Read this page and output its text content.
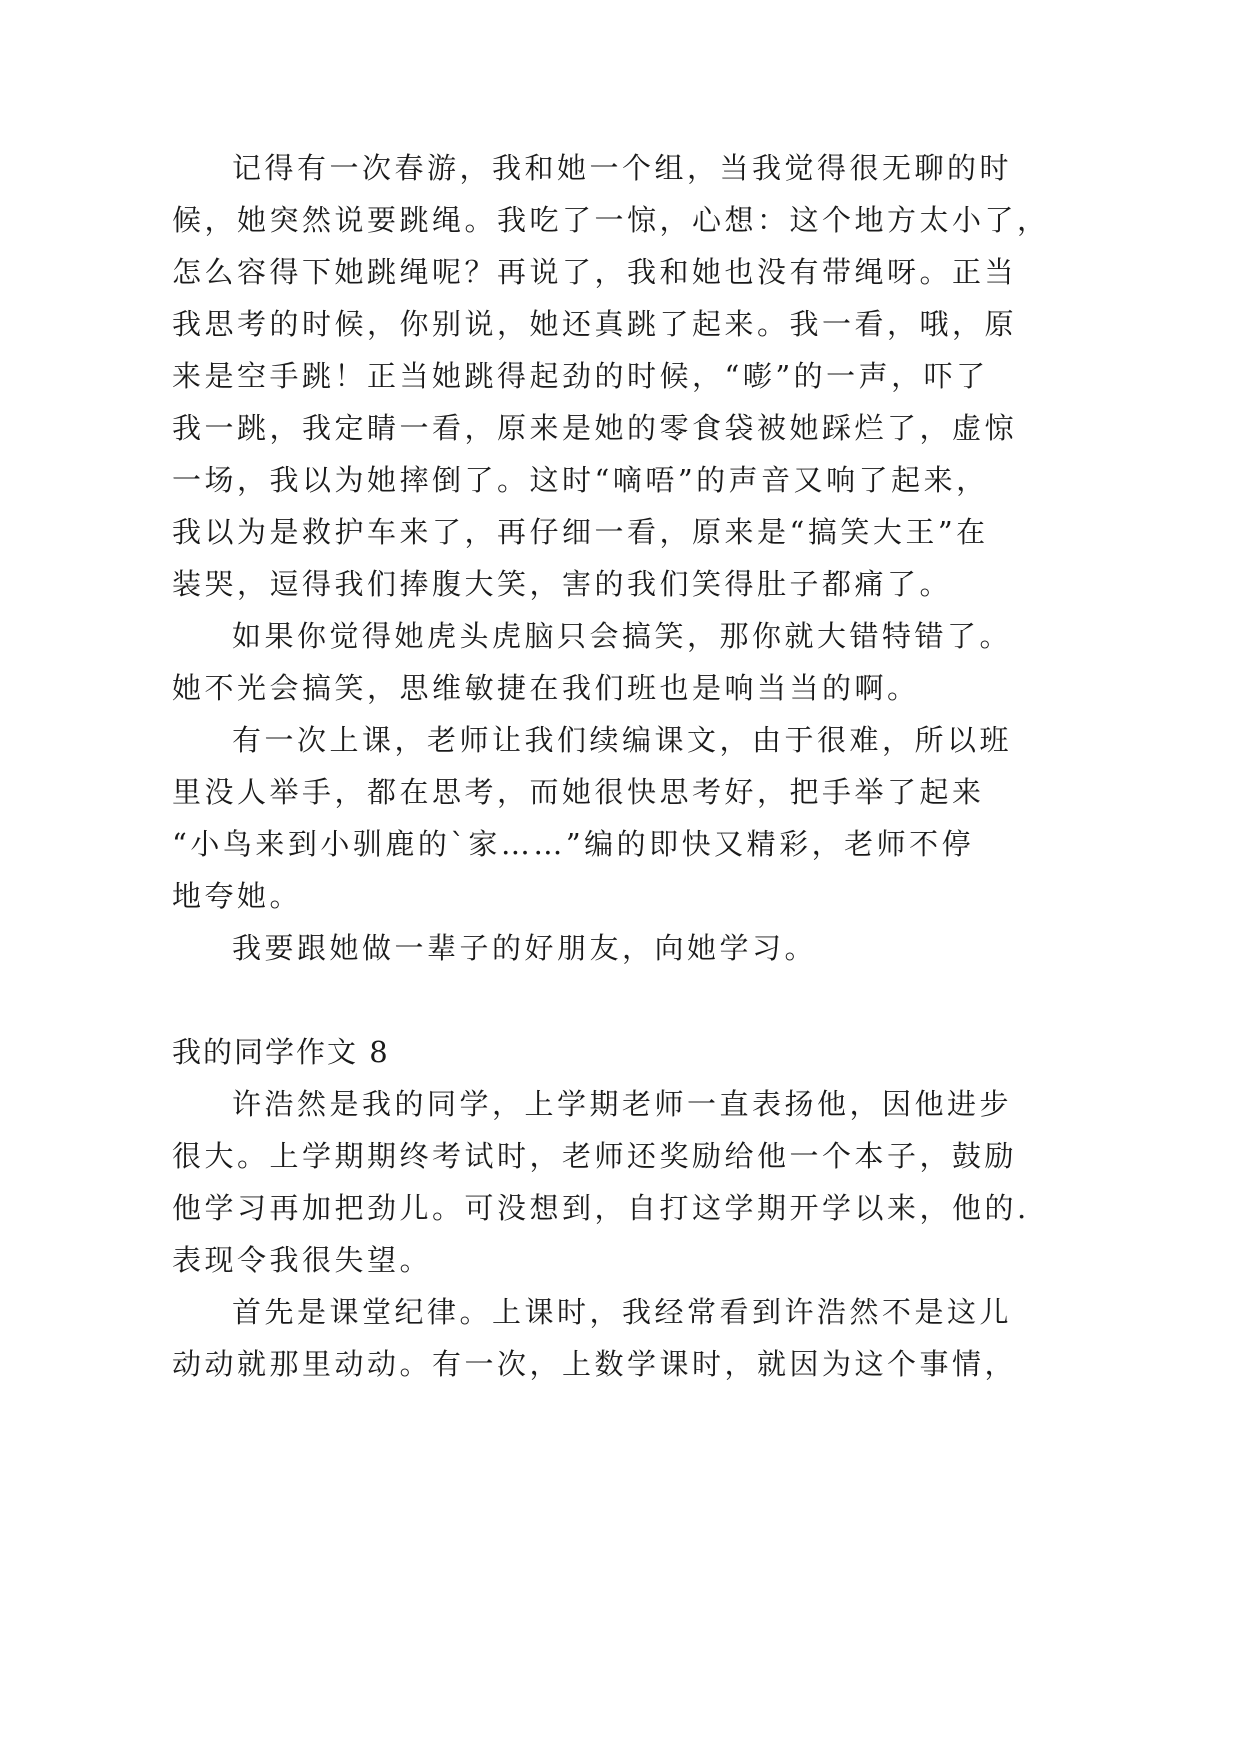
记得有一次春游，我和她一个组，当我觉得很无聊的时
候，她突然说要跳绳。我吃了一惊，心想：这个地方太小了，
怎么容得下她跳绳呢？再说了，我和她也没有带绳呀。正当
我思考的时候，你别说，她还真跳了起来。我一看，哦，原
来是空手跳！正当她跳得起劲的时候，“嘭”的一声，吓了
我一跳，我定睛一看，原来是她的零食袋被她踩烂了，虚惊
一场，我以为她摔倒了。这时“嘀唔”的声音又响了起来，
我以为是救护车来了，再仔细一看，原来是“搞笑大王”在
装哭，逗得我们捧腹大笑，害的我们笑得肚子都痛了。
如果你觉得她虎头虎脑只会搞笑，那你就大错特错了。
她不光会搞笑，思维敏捷在我们班也是响当当的啊。
有一次上课，老师让我们续编课文，由于很难，所以班
里没人举手，都在思考，而她很快思考好，把手举了起来
“小鸟来到小驯鹿的`家……”编的即快又精彩，老师不停
地夸她。
我要跟她做一辈子的好朋友，向她学习。
我的同学作文 8
许浩然是我的同学，上学期老师一直表扬他，因他进步
很大。上学期期终考试时，老师还奖励给他一个本子，鼓励
他学习再加把劲儿。可没想到，自打这学期开学以来，他的.
表现令我很失望。
首先是课堂纪律。上课时，我经常看到许浩然不是这儿
动动就那里动动。有一次，上数学课时，就因为这个事情，
